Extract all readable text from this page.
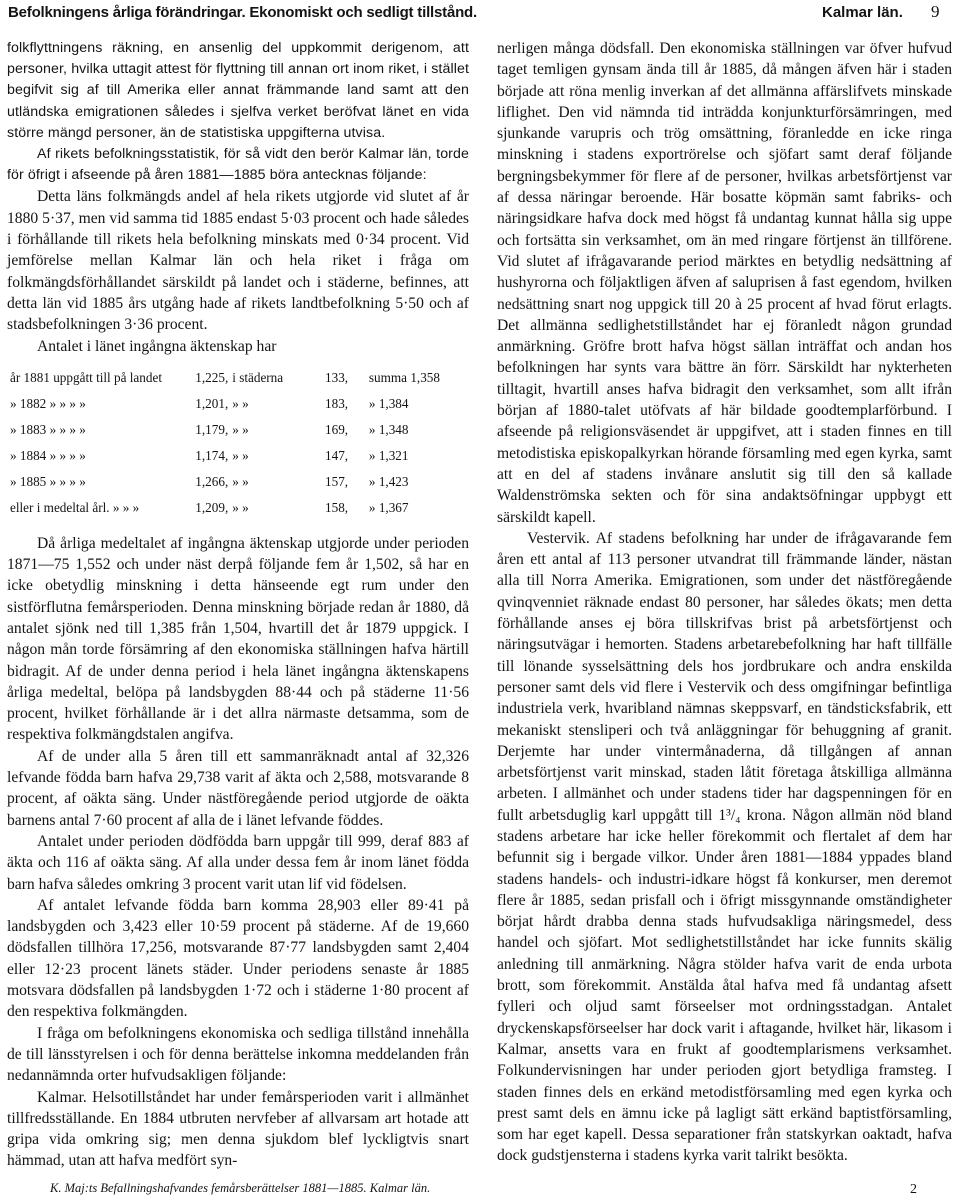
Befolkningens årliga förändringar. Ekonomiskt och sedligt tillstånd.	Kalmar län. 9

folkflyttningens räkning, en ansenlig del uppkommit derigenom, att personer, hvilka uttagit attest för flyttning till annan ort inom riket, i stället begifvit sig af till Amerika eller annat främmande land samt att den utländska emigrationen således i sjelfva verket beröfvat länet en vida större mängd personer, än de statistiska uppgifterna utvisa.

Af rikets befolkningsstatistik, för så vidt den berör Kalmar län, torde för öfrigt i afseende på åren 1881—1885 böra antecknas följande:

Detta läns folkmängds andel af hela rikets utgjorde vid slutet af år 1880 5·37, men vid samma tid 1885 endast 5·03 procent och hade således i förhållande till rikets hela befolkning minskats med 0·34 procent. Vid jemförelse mellan Kalmar län och hela riket i fråga om folkmängdsförhållandet särskildt på landet och i städerne, befinnes, att detta län vid 1885 års utgång hade af rikets landtbefolkning 5·50 och af stadsbefolkningen 3·36 procent.

Antalet i länet ingångna äktenskap har

år 1881 uppgått till på landet	1,225,	i städerna	133,	summa 1,358
» 1882 » » » »	1,201,	» »	183,	» 1,384
» 1883 » » » »	1,179,	» »	169,	» 1,348
» 1884 » » » »	1,174,	» »	147,	» 1,321
» 1885 » » » »	1,266,	» »	157,	» 1,423
eller i medeltal årl. » » »	1,209,	» »	158,	» 1,367

Då årliga medeltalet af ingångna äktenskap utgjorde under perioden 1871—75 1,552 och under näst derpå följande fem år 1,502, så har en icke obetydlig minskning i detta hänseende egt rum under den sistförflutna femårsperioden. Denna minskning började redan år 1880, då antalet sjönk ned till 1,385 från 1,504, hvartill det år 1879 uppgick. I någon mån torde försämring af den ekonomiska ställningen hafva härtill bidragit. Af de under denna period i hela länet ingångna äktenskapens årliga medeltal, belöpa på landsbygden 88·44 och på städerne 11·56 procent, hvilket förhållande är i det allra närmaste detsamma, som de respektiva folkmängdstalen angifva.

Af de under alla 5 åren till ett sammanräknadt antal af 32,326 lefvande födda barn hafva 29,738 varit af äkta och 2,588, motsvarande 8 procent, af oäkta säng. Under nästföregående period utgjorde de oäkta barnens antal 7·60 procent af alla de i länet lefvande föddes.

Antalet under perioden dödfödda barn uppgår till 999, deraf 883 af äkta och 116 af oäkta säng. Af alla under dessa fem år inom länet födda barn hafva således omkring 3 procent varit utan lif vid födelsen.

Af antalet lefvande födda barn komma 28,903 eller 89·41 på landsbygden och 3,423 eller 10·59 procent på städerne. Af de 19,660 dödsfallen tillhöra 17,256, motsvarande 87·77 landsbygden samt 2,404 eller 12·23 procent länets städer. Under periodens senaste år 1885 motsvara dödsfallen på landsbygden 1·72 och i städerne 1·80 procent af den respektiva folkmängden.

I fråga om befolkningens ekonomiska och sedliga tillstånd innehålla de till länsstyrelsen i och för denna berättelse inkomna meddelanden från nedannämnda orter hufvudsakligen följande:

Kalmar. Helsotillståndet har under femårsperioden varit i allmänhet tillfredsställande. En 1884 utbruten nervfeber af allvarsam art hotade att gripa vida omkring sig; men denna sjukdom blef lyckligtvis snart hämmad, utan att hafva medfört syn-

nerligen många dödsfall. Den ekonomiska ställningen var öfver hufvud taget temligen gynsam ända till år 1885, då mången äfven här i staden började att röna menlig inverkan af det allmänna affärslifvets minskade liflighet. Den vid nämnda tid inträdda konjunkturförsämringen, med sjunkande varupris och trög omsättning, föranledde en icke ringa minskning i stadens exportrörelse och sjöfart samt deraf följande bergningsbekymmer för flere af de personer, hvilkas arbetsförtjenst var af dessa näringar beroende. Här bosatte köpmän samt fabriks- och näringsidkare hafva dock med högst få undantag kunnat hålla sig uppe och fortsätta sin verksamhet, om än med ringare förtjenst än tillförene. Vid slutet af ifrågavarande period märktes en betydlig nedsättning af hushyrorna och följaktligen äfven af saluprisen å fast egendom, hvilken nedsättning snart nog uppgick till 20 à 25 procent af hvad förut erlagts. Det allmänna sedlighetstillståndet har ej föranledt någon grundad anmärkning. Gröfre brott hafva högst sällan inträffat och andan hos befolkningen har synts vara bättre än förr. Särskildt har nykterheten tilltagit, hvartill anses hafva bidragit den verksamhet, som allt ifrån början af 1880-talet utöfvats af här bildade goodtemplarförbund. I afseende på religionsväsendet är uppgifvet, att i staden finnes en till metodistiska episkopalkyrkan hörande församling med egen kyrka, samt att en del af stadens invånare anslutit sig till den så kallade Waldenströmska sekten och för sina andaktsöfningar uppbygt ett särskildt kapell.

Vestervik. Af stadens befolkning har under de ifrågavarande fem åren ett antal af 113 personer utvandrat till främmande länder, nästan alla till Norra Amerika. Emigrationen, som under det nästföregående qvinqvenniet räknade endast 80 personer, har således ökats; men detta förhållande anses ej böra tillskrifvas brist på arbetsförtjenst och näringsutvägar i hemorten. Stadens arbetarebefolkning har haft tillfälle till lönande sysselsättning dels hos jordbrukare och andra enskilda personer samt dels vid flere i Vestervik och dess omgifningar befintliga industriela verk, hvaribland nämnas skeppsvarf, en tändsticksfabrik, ett mekaniskt stensliperi och två anläggningar för behuggning af granit. Derjemte har under vintermånaderna, då tillgången af annan arbetsförtjenst varit minskad, staden låtit företaga åtskilliga allmänna arbeten. I allmänhet och under stadens tider har dagspenningen för en fullt arbetsduglig karl uppgått till 1³/₄ krona. Någon allmän nöd bland stadens arbetare har icke heller förekommit och flertalet af dem har befunnit sig i bergade vilkor. Under åren 1881—1884 yppades bland stadens handels- och industri-idkare högst få konkurser, men deremot flere år 1885, sedan prisfall och i öfrigt missgynnande omständigheter börjat hårdt drabba denna stads hufvudsakliga näringsmedel, dess handel och sjöfart. Mot sedlighetstillståndet har icke funnits skälig anledning till anmärkning. Några stölder hafva varit de enda urbota brott, som förekommit. Anstälda åtal hafva med få undantag afsett fylleri och oljud samt förseelser mot ordningsstadgan. Antalet dryckenskapsförseelser har dock varit i aftagande, hvilket här, likasom i Kalmar, ansetts vara en frukt af goodtemplarismens verksamhet. Folkundervisningen har under perioden gjort betydliga framsteg. I staden finnes dels en erkänd metodistförsamling med egen kyrka och prest samt dels en ämnu icke på lagligt sätt erkänd baptistförsamling, som har eget kapell. Dessa separationer från statskyrkan oaktadt, hafva dock gudstjensterna i stadens kyrka varit talrikt besökta.

K. Maj:ts Befallningshafvandes femårsberättelser 1881—1885. Kalmar län.	2
